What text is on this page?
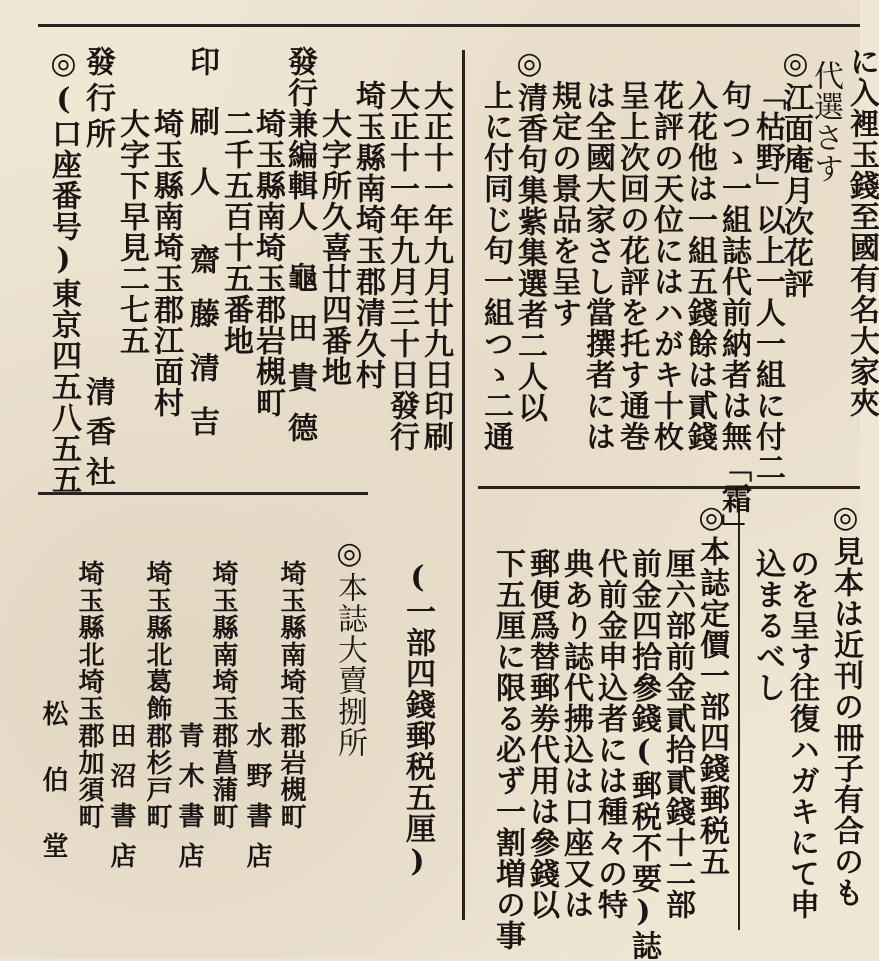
に入裡玉錢至國有名大家夾
代選さす
◎江面庵月次花評
「枯野」以上一人一組に付二
句つゝ一組誌代前納者は無「霜」
入花他は一組五錢餘は貳錢
花評の天位にはハがキ十枚
呈上次回の花評を托す通巻
は全國大家さし當撰者には
規定の景品を呈す
◎清香句集紫集選者二人以
上に付同じ句一組つゝ二通
大正十一年九月廿九日印刷
大正十一年九月三十日發行
埼玉縣南埼玉郡清久村
大字所久喜廿四番地
發行兼編輯人
龜田貴德
埼玉縣南埼玉郡岩槻町
二千五百十五番地
印刷人
齋藤清吉
埼玉縣南埼玉郡江面村
大字下早見二七五
發行所
清香社
◎(口座番号)東京四五八五五
◎見本は近刊の冊子有合のも
のを呈す往復ハガキにて申
込まるべし
◎本誌定價一部四錢郵税五
厘六部前金貳拾貳錢十二部
前金四拾參錢(郵税不要)誌
代前金申込者には種々の特
典あり誌代拂込は口座又は
郵便爲替郵劵代用は參錢以
下五厘に限る必ず一割増の事
(一部四錢郵税五厘)
◎本誌大賣捌所
埼玉縣南埼玉郡岩槻町
水野書店
埼玉縣南埼玉郡菖蒲町
青木書店
埼玉縣北葛飾郡杉戸町
田沼書店
埼玉縣北埼玉郡加須町
松伯堂
